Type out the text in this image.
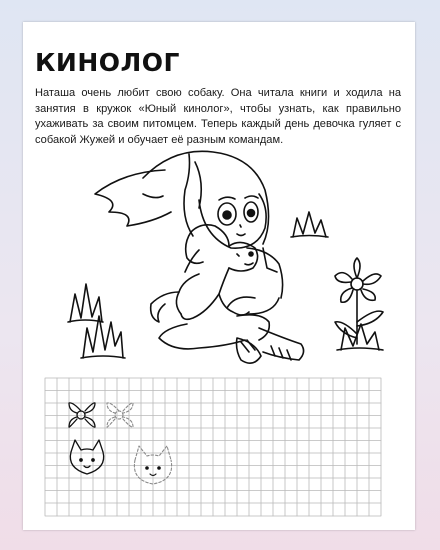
КИНОЛОГ

Наташа очень любит свою собаку. Она читала книги и ходила на занятия в кружок «Юный кинолог», чтобы узнать, как правильно ухаживать за своим питомцем. Теперь каждый день девочка гуляет с собакой Жужей и обучает её разным командам.
